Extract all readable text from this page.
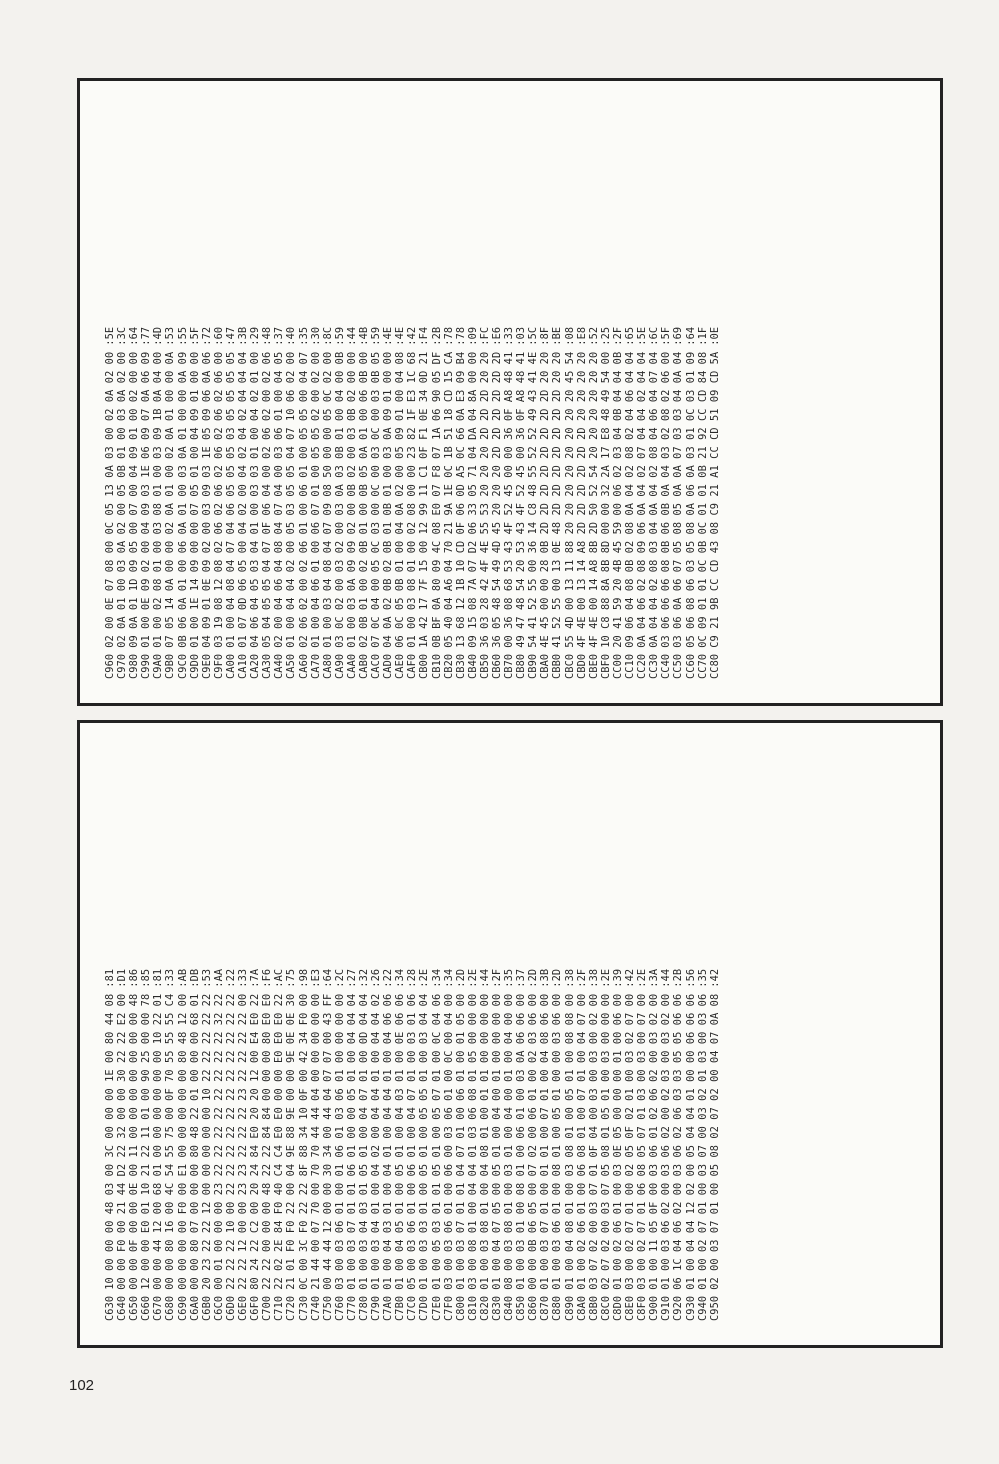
C96002 00 0E 07 08 00 0C 05 13 0A 03 00 02 0A 02 00:5E
C97002 0A 01 00 03 0A 02 00 05 0B 01 00 03 0A 02 00:3C
C98009 0A 01 1D 09 05 00 07 00 04 09 01 00 02 00 00:64
C99001 00 0E 09 02 00 04 09 03 1E 06 09 07 0A 06 09:77
C9A001 00 02 08 01 00 03 08 01 00 03 09 1B 0A 04 00:4D
C9B007 05 14 0A 00 00 02 0A 01 00 02 0A 01 00 00 0A:53
C9C00B 06 0A 01 00 06 0A 01 00 03 0A 01 00 00 0A 09:55
C9D001 00 1E 14 09 00 00 07 05 01 00 04 09 01 00 00:5F
C9E004 09 01 0E 09 02 00 03 09 03 1E 05 09 06 0A 06:72
C9F003 19 08 12 08 02 06 02 06 02 06 02 06 02 06 00:60
CA0001 00 04 08 04 07 04 06 05 05 05 03 05 05 05 05:47
CA1001 07 0D 06 05 00 04 02 00 04 02 04 02 04 04 04:3B
CA2004 06 04 05 03 04 01 00 03 03 01 00 04 02 01 00:29
CA3005 04 05 05 04 07 0F 06 04 00 02 06 02 00 02 06:48
CA4002 00 04 06 04 08 04 07 04 00 03 06 01 00 04 05:37
CA5001 00 04 04 02 00 05 03 05 05 04 07 10 06 02 00:40
CA6002 06 02 00 02 06 01 00 06 01 00 05 05 00 04 07:35
CA7001 00 04 06 01 00 06 07 01 00 05 05 02 00 02 00:30
CA8001 00 03 04 08 04 07 09 08 50 00 00 05 0C 02 00:8C
CA9003 0C 02 00 03 02 00 03 0A 03 0B 01 00 04 00 0B:59
CAA001 00 03 0A 09 09 02 00 0B 02 00 03 0B 02 00 00:44
CAB002 0B 01 00 02 0B 01 00 0B 05 0A 01 00 06 0B 00:4B
CAC007 0C 04 00 05 0C 03 00 0C 00 03 0C 00 03 0B 05:59
CAD004 0A 02 0B 02 0B 01 0B 01 00 03 0A 09 01 00 00:4E
CAE006 0C 05 0B 01 00 04 0A 02 00 05 09 01 00 04 08:4E
CAF001 00 03 08 01 00 02 08 00 00 23 82 1F E3 1C 68:42
CB001A 42 17 7F 15 00 12 99 11 C1 0F F1 0E 34 0D 21:F4
CB100B BF 0A 80 09 4C 08 E0 07 F8 07 1A 06 90 05 DF:2B
CB2005 40 04 A6 04 70 21 9A 1E 0C 1B 51 18 CD 15 CA:78
CB3013 68 12 1B 10 CD 0F 06 0D A5 0C 66 0A E3 09 B4:78
CB4009 15 08 7A 07 D2 06 33 05 71 04 DA 04 8A 00 00:09
CB5036 03 28 42 4F 4E 55 53 20 20 20 2D 2D 2D 20 20:FC
CB6036 05 48 54 49 4D 45 20 20 20 2D 2D 2D 2D 2D 2D:E6
CB7000 36 08 68 53 43 4F 52 45 00 00 36 0F A8 48 41:33
CB8049 47 48 54 20 53 43 4F 52 45 00 36 0F A8 48 41:03
CB9054 41 52 55 00 36 14 C8 48 55 52 52 49 43 41 4E:5C
CBA04E 45 00 00 28 0B 2D 2D 2D 2D 2D 2D 2D 2D 20 20:8F
CBB041 52 55 00 13 0E 48 2D 2D 2D 2D 2D 2D 2D 20 20:BE
CBC055 4D 00 13 11 88 20 20 20 20 20 20 20 20 45 54:08
CBD04F 4E 00 13 14 A8 2D 2D 2D 2D 2D 2D 20 20 20 20:E8
CBE04F 4E 00 14 A8 8B 2D 50 52 54 20 20 20 20 20 20:52
CBF010 C8 88 8A 8B 8D 00 00 32 2A 17 E8 48 49 54 00:25
CC0020 41 59 20 4B 45 59 00 06 02 03 04 0B 04 04 0B:2F
CC1009 06 04 08 0B 02 08 0A 04 02 08 02 04 06 04 04:65
CC200A 04 06 02 08 09 06 0A 04 02 07 04 04 02 04 04:5E
CC300A 04 04 02 08 03 04 0A 04 02 08 04 06 04 07 04:6C
CC4003 06 06 06 08 0B 06 0B 0A 04 03 02 08 02 06 00:5F
CC5003 06 0A 06 07 05 08 05 0A 0A 07 03 03 04 0A 04:69
CC6005 06 08 06 03 05 08 0A 06 0A 03 01 0C 03 01 09:64
CC700C 09 01 01 0C 0B 0C 01 01 0B 21 92 CC CD 84 08:1F
CC80C9 21 9B CC CD 43 08 C9 21 A1 CC CD 51 09 CD 5A:0E
C63010 00 00 00 48 03 00 3C 00 00 00 1E 00 80 44 08:81
C64000 00 F0 00 21 44 D2 22 32 00 00 30 22 22 E2 00:D1
C65000 00 0F 00 00 0E 00 11 00 00 00 00 00 00 00 48:86
C66012 00 00 E0 01 10 21 22 11 01 00 90 25 00 00 78:85
C67000 00 44 12 00 68 01 00 00 00 00 00 00 10 22 01:81
C68000 00 80 16 00 4C 54 55 75 00 0F 70 55 55 55 C4:33
C69000 00 00 00 F0 00 E1 00 00 00 00 00 80 48 12 00:AB
C6A000 00 80 07 00 00 00 80 48 22 01 00 00 00 68 01:DB
C6B020 23 22 22 12 00 00 00 00 00 10 22 22 22 22 22:53
C6C000 01 00 00 00 23 22 22 22 22 22 22 22 22 32 22:AA
C6D022 22 22 10 00 22 22 22 22 22 22 22 22 22 22 22:22
C6E022 22 12 00 00 23 23 22 22 22 23 22 22 22 22 00:33
C6F080 24 22 C2 00 20 24 84 E0 20 20 12 00 E4 E0 22:7A
C70022 22 00 00 00 48 22 22 84 84 00 00 00 80 E0 E0:F6
C71022 02 2E 84 F0 40 C4 C4 E0 E0 00 00 E0 E0 E0 22:AC
C72021 01 F0 F0 22 00 04 9E 88 9E 00 00 9E 0E 0E 30:75
C7300C 00 3C F0 22 22 8F 88 34 10 0F 00 42 34 F0 00:98
C74021 44 00 07 70 00 70 70 44 44 04 00 00 00 00 00:E3
C75000 44 44 12 00 00 30 34 00 44 04 07 07 00 43 FF:64
C76003 00 03 06 01 00 01 06 01 03 06 01 00 00 00 00:2C
C77001 00 03 07 01 01 06 01 00 00 05 01 00 04 04 04:27
C78001 00 03 04 03 01 05 01 00 04 07 01 00 0D 04 04:32
C79001 00 03 04 01 00 04 02 00 04 04 01 00 04 04 02:26
C7A001 00 04 03 01 00 04 01 00 04 04 01 00 04 06 06:22
C7B001 00 04 05 01 00 05 01 00 04 03 01 00 0E 06 06:34
C7C005 00 03 06 01 00 06 01 00 04 07 01 00 03 01 06:28
C7D001 00 03 03 01 00 05 01 00 05 05 01 00 03 04 04:2E
C7E001 00 05 03 01 01 05 01 00 05 07 01 00 0C 04 06:34
C7F003 00 03 06 01 00 06 00 03 06 01 00 0C 00 04 00:34
C80001 00 03 07 01 01 04 07 01 00 06 01 00 01 05 00:2D
C81003 00 08 01 00 04 04 01 03 06 08 01 05 00 00 00:2E
C82001 00 03 08 01 00 04 08 01 00 01 01 00 00 00 00:44
C83001 00 04 07 05 00 05 01 00 04 00 01 00 00 00 00:2F
C84008 00 03 08 01 00 03 01 00 04 00 01 00 04 00 00:35
C85001 00 03 01 00 08 01 00 06 01 00 03 0A 06 06 00:37
C86000 00 0B 06 05 00 07 02 00 06 01 00 02 03 06 00:2D
C87001 00 03 07 01 00 01 01 00 07 01 00 04 08 06 00:3B
C88001 00 03 06 01 00 08 01 00 05 01 00 00 03 06 00:2D
C89001 00 04 08 01 00 03 08 01 00 05 01 00 08 08 00:38
C8A001 00 02 06 01 00 06 08 01 00 07 01 00 04 07 00:2F
C8B003 07 02 00 03 07 01 0F 04 00 03 00 03 00 02 00:38
C8C002 07 02 00 03 07 05 08 01 05 01 00 03 00 00 00:2E
C8D001 00 02 06 01 00 03 0E 05 00 00 00 01 00 06 00:39
C8E003 00 02 07 01 00 02 05 0F 02 01 00 03 02 07 00:42
C8F003 00 02 07 01 06 08 05 07 01 03 00 03 00 07 00:2E
C90001 00 11 05 0F 00 03 06 01 02 06 02 00 03 02 00:3A
C91001 00 03 06 02 00 03 06 02 00 02 03 00 03 02 00:44
C92006 1C 04 06 02 00 03 06 02 06 03 03 05 05 06 06:2B
C93001 00 04 04 12 02 00 05 04 04 01 00 00 06 06 06:56
C94001 00 02 07 01 00 03 07 00 03 02 01 03 00 03 06:35
C95002 00 03 07 01 00 05 08 02 07 02 00 04 07 0A 08:42
102
